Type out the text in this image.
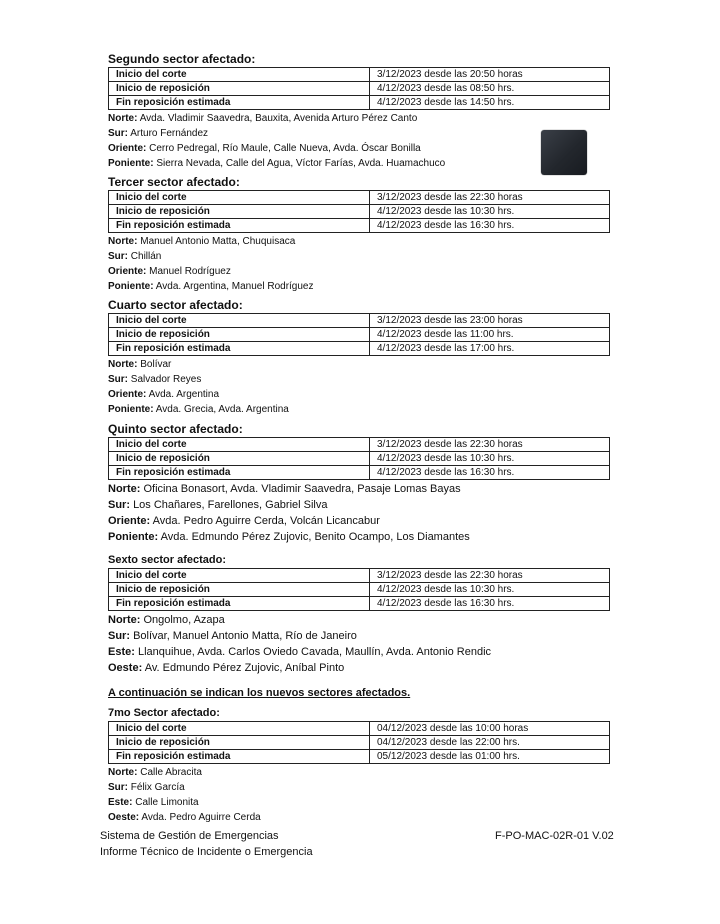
Segundo sector afectado:
Inicio del corte	3/12/2023 desde las 20:50 horas
Inicio de reposición	4/12/2023 desde las 08:50 hrs.
Fin reposición estimada	4/12/2023 desde las 14:50 hrs.
Norte: Avda. Vladimir Saavedra, Bauxita, Avenida Arturo Pérez Canto
Sur: Arturo Fernández
Oriente: Cerro Pedregal, Río Maule, Calle Nueva, Avda. Óscar Bonilla
Poniente: Sierra Nevada, Calle del Agua, Víctor Farías, Avda. Huamachuco
Tercer sector afectado:
Inicio del corte	3/12/2023 desde las 22:30 horas
Inicio de reposición	4/12/2023 desde las 10:30 hrs.
Fin reposición estimada	4/12/2023 desde las 16:30 hrs.
Norte: Manuel Antonio Matta, Chuquisaca
Sur: Chillán
Oriente: Manuel Rodríguez
Poniente: Avda. Argentina, Manuel Rodríguez
Cuarto sector afectado:
Inicio del corte	3/12/2023 desde las 23:00 horas
Inicio de reposición	4/12/2023 desde las 11:00 hrs.
Fin reposición estimada	4/12/2023 desde las 17:00 hrs.
Norte: Bolívar
Sur: Salvador Reyes
Oriente: Avda. Argentina
Poniente: Avda. Grecia, Avda. Argentina
Quinto sector afectado:
Inicio del corte	3/12/2023 desde las 22:30 horas
Inicio de reposición	4/12/2023 desde las 10:30 hrs.
Fin reposición estimada	4/12/2023 desde las 16:30 hrs.
Norte: Oficina Bonasort, Avda. Vladimir Saavedra, Pasaje Lomas Bayas
Sur: Los Chañares, Farellones, Gabriel Silva
Oriente: Avda. Pedro Aguirre Cerda, Volcán Licancabur
Poniente: Avda. Edmundo Pérez Zujovic, Benito Ocampo, Los Diamantes
Sexto sector afectado:
Inicio del corte	3/12/2023 desde las 22:30 horas
Inicio de reposición	4/12/2023 desde las 10:30 hrs.
Fin reposición estimada	4/12/2023 desde las 16:30 hrs.
Norte: Ongolmo, Azapa
Sur: Bolívar, Manuel Antonio Matta, Río de Janeiro
Este: Llanquihue, Avda. Carlos Oviedo Cavada, Maullín, Avda. Antonio Rendic
Oeste: Av. Edmundo Pérez Zujovic, Aníbal Pinto
A continuación se indican los nuevos sectores afectados.
7mo Sector afectado:
Inicio del corte	04/12/2023 desde las 10:00 horas
Inicio de reposición	04/12/2023 desde las 22:00 hrs.
Fin reposición estimada	05/12/2023 desde las 01:00 hrs.
Norte: Calle Abracita
Sur: Félix García
Este: Calle Limonita
Oeste: Avda. Pedro Aguirre Cerda
Sistema de Gestión de Emergencias
Informe Técnico de Incidente o Emergencia
F-PO-MAC-02R-01 V.02
